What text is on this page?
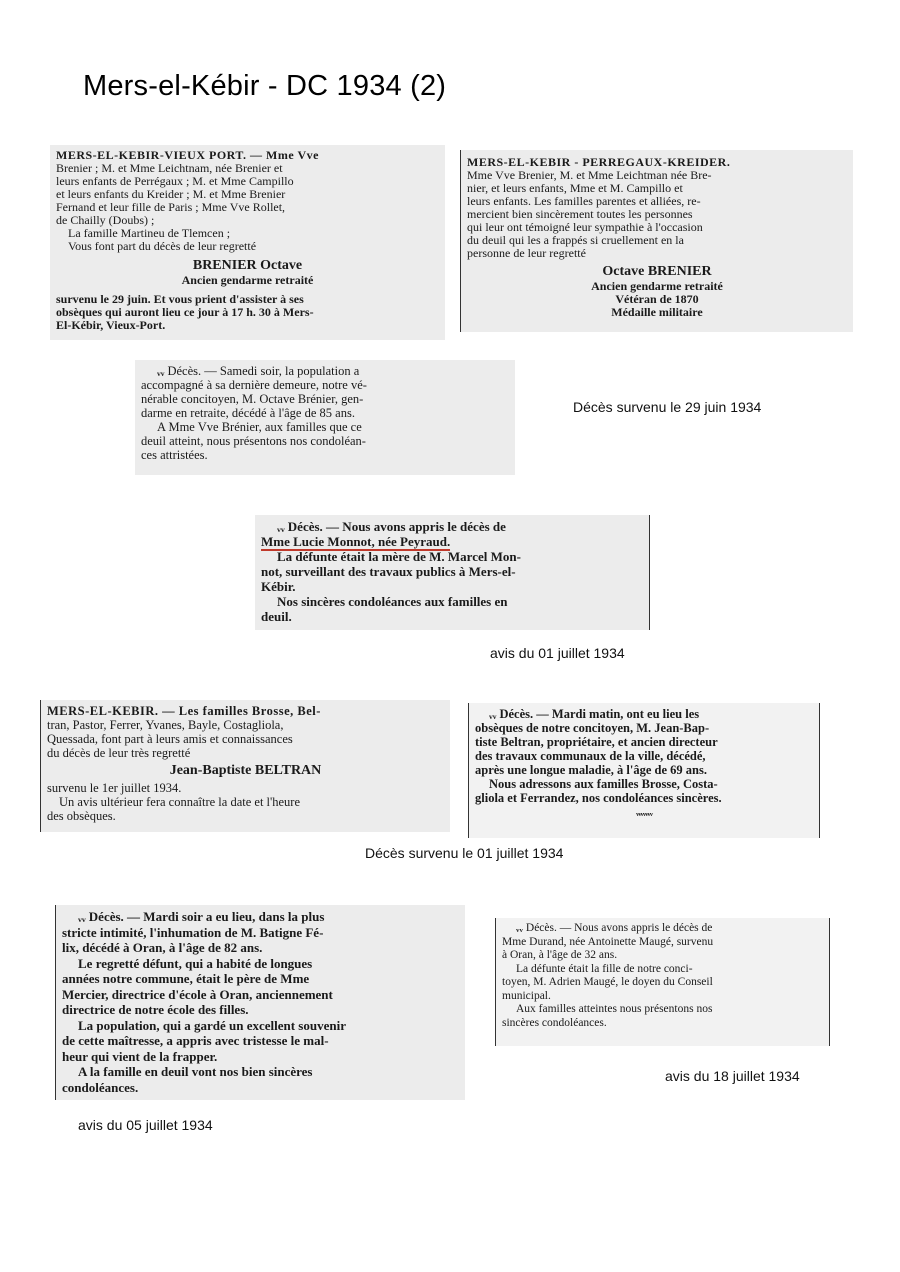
Mers-el-Kébir - DC 1934 (2)

MERS-EL-KEBIR-VIEUX PORT. — Mme Vve

Brenier ; M. et Mme Leichtnam, née Brenier et

leurs enfants de Perrégaux ; M. et Mme Campillo

et leurs enfants du Kreider ; M. et Mme Brenier

Fernand et leur fille de Paris ; Mme Vve Rollet,

de Chailly (Doubs) ;

La famille Martineu de Tlemcen ;

Vous font part du décès de leur regretté

BRENIER Octave

Ancien gendarme retraité

survenu le 29 juin. Et vous prient d'assister à ses

obsèques qui auront lieu ce jour à 17 h. 30 à Mers-

El-Kébir, Vieux-Port.

MERS-EL-KEBIR - PERREGAUX-KREIDER.

Mme Vve Brenier, M. et Mme Leichtman née Bre-

nier, et leurs enfants, Mme et M. Campillo et

leurs enfants. Les familles parentes et alliées, re-

mercient bien sincèrement toutes les personnes

qui leur ont témoigné leur sympathie à l'occasion

du deuil qui les a frappés si cruellement en la

personne de leur regretté

Octave BRENIER

Ancien gendarme retraité

Vétéran de 1870

Médaille militaire

ᵥᵥ Décès. — Samedi soir, la population a

accompagné à sa dernière demeure, notre vé-

nérable concitoyen, M. Octave Brénier, gen-

darme en retraite, décédé à l'âge de 85 ans.

A Mme Vve Brénier, aux familles que ce

deuil atteint, nous présentons nos condoléan-

ces attristées.

Décès survenu le 29 juin 1934

ᵥᵥ Décès. — Nous avons appris le décès de

Mme Lucie Monnot, née Peyraud.

La défunte était la mère de M. Marcel Mon-

not, surveillant des travaux publics à Mers-el-

Kébir.

Nos sincères condoléances aux familles en

deuil.

avis du 01 juillet 1934

MERS-EL-KEBIR. — Les familles Brosse, Bel-

tran, Pastor, Ferrer, Yvanes, Bayle, Costagliola,

Quessada, font part à leurs amis et connaissances

du décès de leur très regretté

Jean-Baptiste BELTRAN

survenu le 1er juillet 1934.

Un avis ultérieur fera connaître la date et l'heure

des obsèques.

ᵥᵥ Décès. — Mardi matin, ont eu lieu les

obsèques de notre concitoyen, M. Jean-Bap-

tiste Beltran, propriétaire, et ancien directeur

des travaux communaux de la ville, décédé,

après une longue maladie, à l'âge de 69 ans.

Nous adressons aux familles Brosse, Costa-

gliola et Ferrandez, nos condoléances sincères.

ᵥᵥᵥᵥᵥᵥᵥ

Décès survenu le 01 juillet 1934

ᵥᵥ Décès. — Mardi soir a eu lieu, dans la plus

stricte intimité, l'inhumation de M. Batigne Fé-

lix, décédé à Oran, à l'âge de 82 ans.

Le regretté défunt, qui a habité de longues

années notre commune, était le père de Mme

Mercier, directrice d'école à Oran, anciennement

directrice de notre école des filles.

La population, qui a gardé un excellent souvenir

de cette maîtresse, a appris avec tristesse le mal-

heur qui vient de la frapper.

A la famille en deuil vont nos bien sincères

condoléances.

avis du 05 juillet 1934

ᵥᵥ Décès. — Nous avons appris le décès de

Mme Durand, née Antoinette Maugé, survenu

à Oran, à l'âge de 32 ans.

La défunte était la fille de notre conci-

toyen, M. Adrien Maugé, le doyen du Conseil

municipal.

Aux familles atteintes nous présentons nos

sincères condoléances.

avis du 18 juillet 1934
